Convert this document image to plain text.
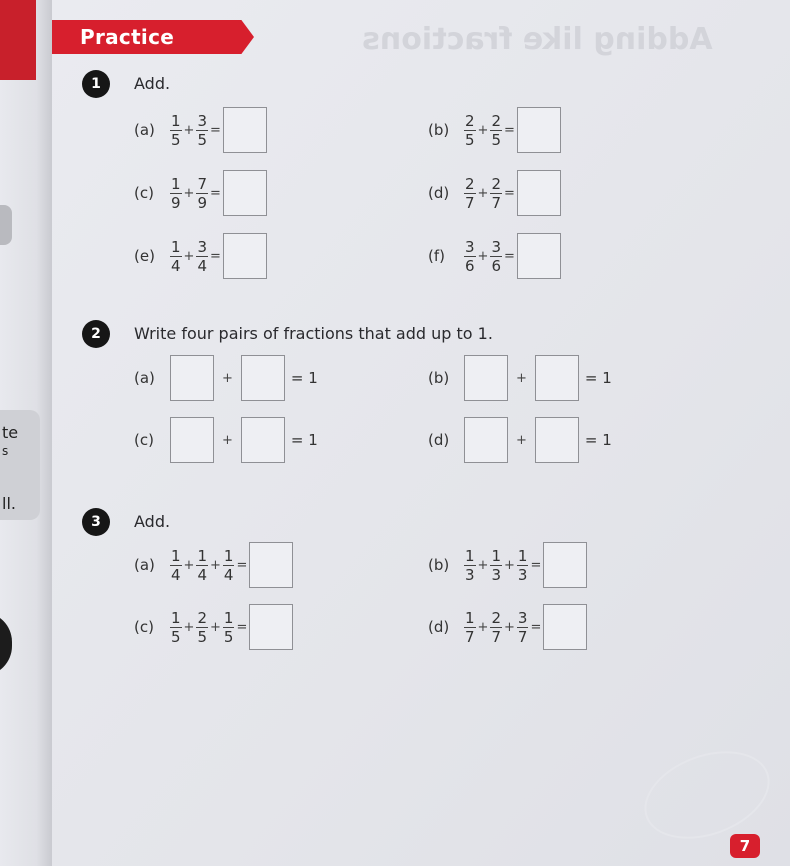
te
s
ll.
Adding like fractions
Practice
1	Add.
(a)	$\frac{1}{5} + \frac{3}{5}$ =	$(b) \frac{2}{5} + \frac{2}{5}$ =
(c)	$\frac{1}{9} + \frac{7}{9}$ =	$(d) \frac{2}{7} + \frac{2}{7}$ =
(e)	$\frac{1}{4} + \frac{3}{4}$ =	(f)	$\frac{3}{6} + \frac{3}{6}$ =
2	Write four pairs of fractions that add up to 1.
(a)	+	= 1	(b)	+	= 1
(c)	+	= 1	(d)	+	= 1
3	Add.
(a)	$\frac{1}{4} + \frac{1}{4} + \frac{1}{4}$ =	$(b) \frac{1}{3} + \frac{1}{3} + \frac{1}{3}$ =
(c)	$\frac{1}{5} + \frac{2}{5} + \frac{1}{5}$ =	$(d) \frac{1}{7} + \frac{2}{7} + \frac{3}{7}$ =
7
